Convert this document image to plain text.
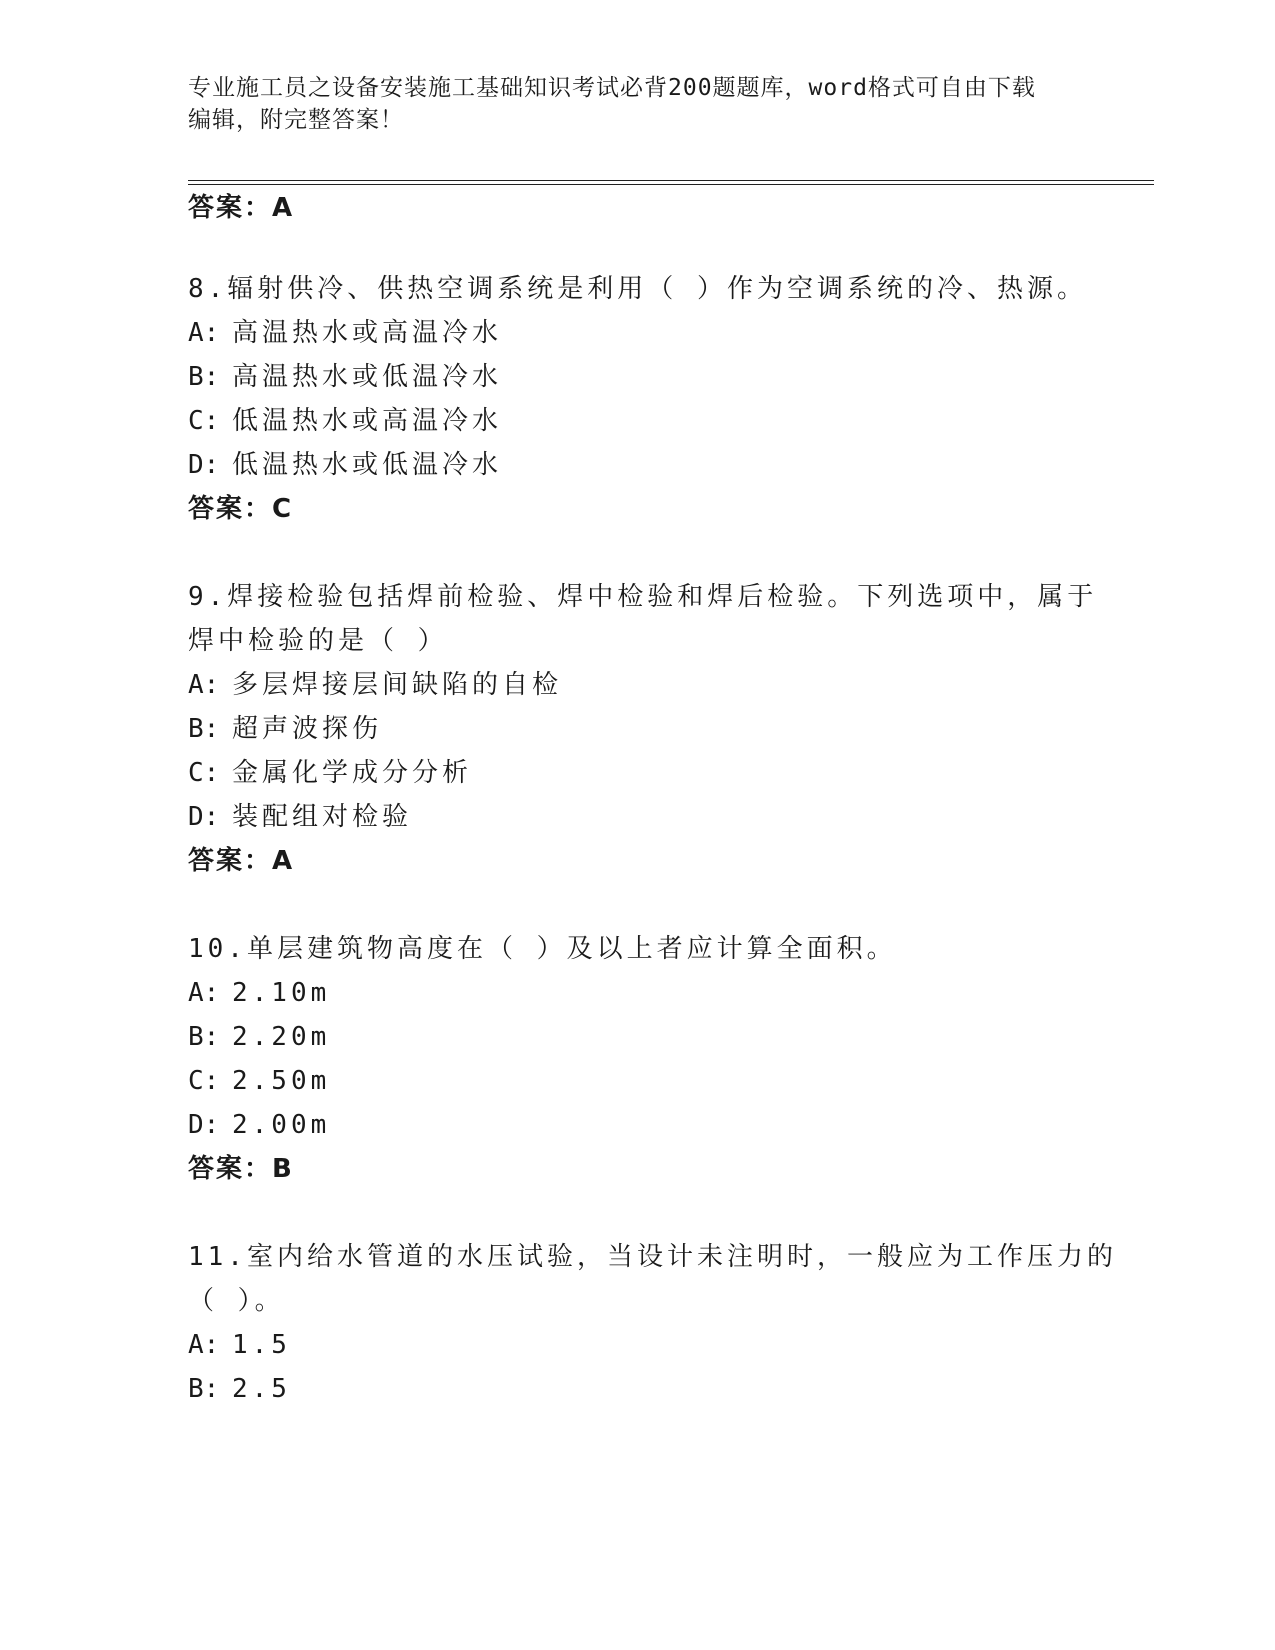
专业施工员之设备安装施工基础知识考试必背200题题库，word格式可自由下载
编辑，附完整答案！
答案：A
8.辐射供冷、供热空调系统是利用（ ）作为空调系统的冷、热源。
A: 高温热水或高温冷水
B: 高温热水或低温冷水
C: 低温热水或高温冷水
D: 低温热水或低温冷水
答案：C
9.焊接检验包括焊前检验、焊中检验和焊后检验。下列选项中，属于
焊中检验的是（ ）
A: 多层焊接层间缺陷的自检
B: 超声波探伤
C: 金属化学成分分析
D: 装配组对检验
答案：A
10.单层建筑物高度在（ ）及以上者应计算全面积。
A: 2.10m
B: 2.20m
C: 2.50m
D: 2.00m
答案：B
11.室内给水管道的水压试验，当设计未注明时，一般应为工作压力的
（ ）。
A: 1.5
B: 2.5
